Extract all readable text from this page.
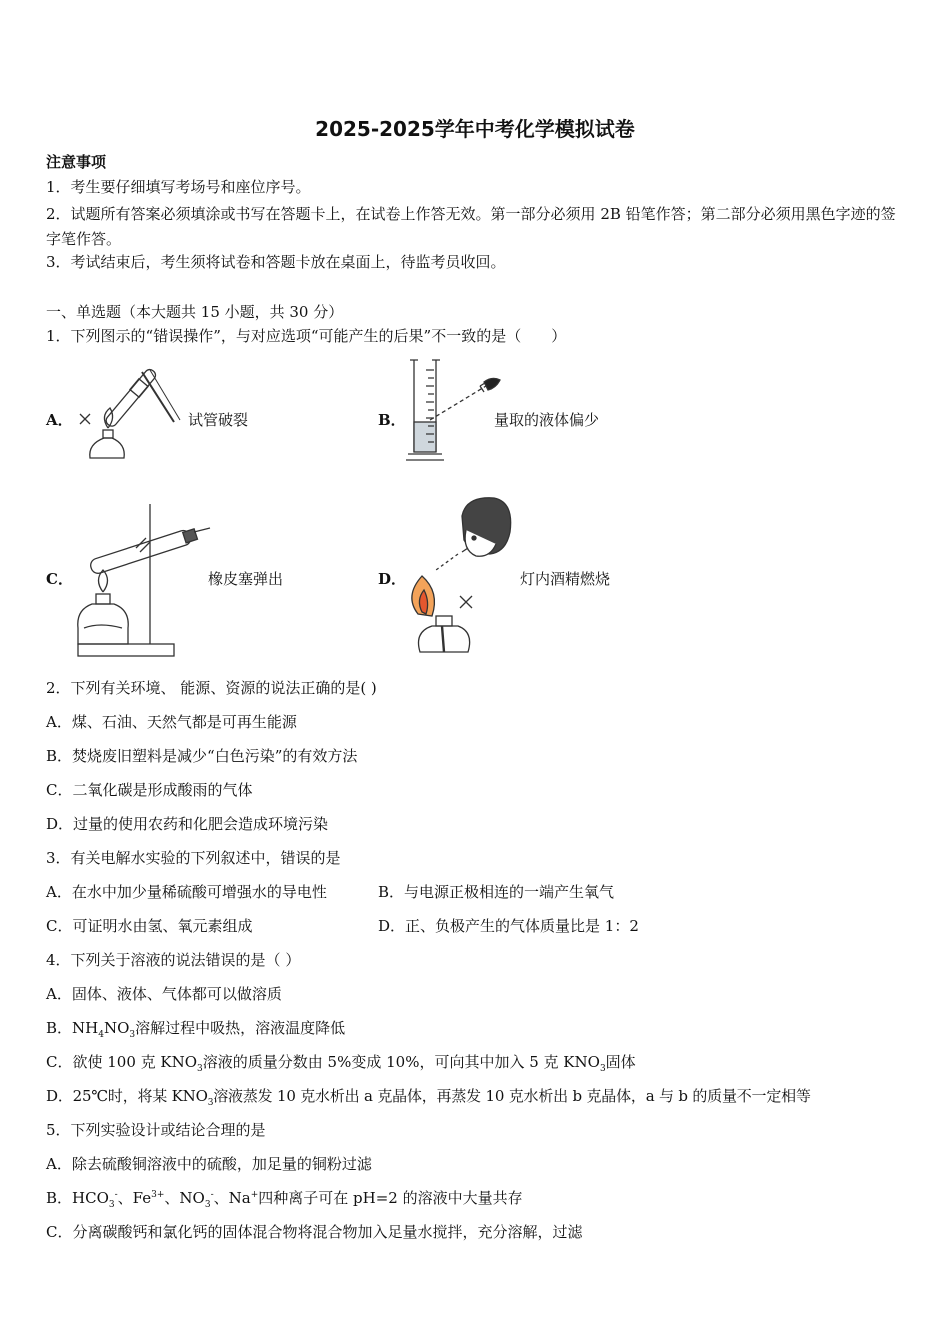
2025-2025学年中考化学模拟试卷
注意事项
1．考生要仔细填写考场号和座位序号。
2．试题所有答案必须填涂或书写在答题卡上，在试卷上作答无效。第一部分必须用 2B 铅笔作答；第二部分必须用黑色字迹的签字笔作答。
3．考试结束后，考生须将试卷和答题卡放在桌面上，待监考员收回。
一、单选题（本大题共 15 小题，共 30 分）
1．下列图示的“错误操作”，与对应选项“可能产生的后果”不一致的是（　　）
A．	试管破裂	B．	量取的液体偏少
C．	橡皮塞弹出	D．	灯内酒精燃烧
2．下列有关环境、 能源、资源的说法正确的是( )
A．煤、石油、天然气都是可再生能源
B．焚烧废旧塑料是减少“白色污染”的有效方法
C．二氧化碳是形成酸雨的气体
D．过量的使用农药和化肥会造成环境污染
3．有关电解水实验的下列叙述中，错误的是
A．在水中加少量稀硫酸可增强水的导电性	B．与电源正极相连的一端产生氧气
C．可证明水由氢、氧元素组成	D．正、负极产生的气体质量比是 1：2
4．下列关于溶液的说法错误的是（ ）
A．固体、液体、气体都可以做溶质
B．$NH_4NO_3$溶解过程中吸热，溶液温度降低
C．欲使 100 克 $KNO_3$溶液的质量分数由 5%变成 10%，可向其中加入 5 克 $KNO_3$固体
D．25℃时，将某 $KNO_3$溶液蒸发 10 克水析出 a 克晶体，再蒸发 10 克水析出 b 克晶体，a 与 b 的质量不一定相等
5．下列实验设计或结论合理的是
A．除去硫酸铜溶液中的硫酸，加足量的铜粉过滤
B．$HCO_3^-$、$Fe^{3+}$、$NO_3^-$、Na+四种离子可在 pH=2 的溶液中大量共存
C．分离碳酸钙和氯化钙的固体混合物将混合物加入足量水搅拌，充分溶解，过滤
